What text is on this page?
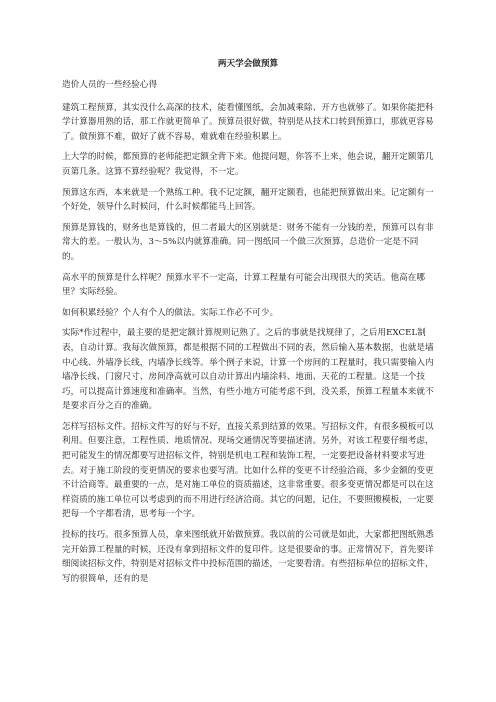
两天学会做预算

造价人员的一些经验心得

建筑工程预算，其实没什么高深的技术，能看懂图纸，会加减乘除、开方也就够了。如果你能把科学计算器用熟的话，那工作就更简单了。预算员很好做，特别是从技术口转到预算口，那就更容易了。做预算不难，做好了就不容易，难就难在经验积累上。

上大学的时候，都预算的老师能把定额全背下来。他提问题，你答不上来，他会说，翻开定额第几页第几条。这算不算经验呢？我觉得，不一定。

预算这东西，本来就是一个熟练工种。我不记定额，翻开定额看，也能把预算做出来。记定额有一个好处，领导什么时候问，什么时候都能马上回答。

预算是算钱的，财务也是算钱的，但二者最大的区别就是：财务不能有一分钱的差，预算可以有非常大的差。一般认为，3～5%以内就算准确。同一图纸同一个做三次预算，总造价一定是不同的。

高水平的预算是什么样呢？预算水平不一定高，计算工程量有可能会出现很大的笑话。他高在哪里？实际经验。

如何积累经验？个人有个人的做法。实际工作必不可少。

实际*作过程中，最主要的是把定额计算规则记熟了。之后的事就是找规律了，之后用EXCEL制表，自动计算。我每次做预算，都是根据不同的工程做出不同的表，然后输入基本数据，也就是墙中心线、外墙净长线，内墙净长线等。举个例子来说，计算一个房间的工程量时，我只需要输入内墙净长线、门窗尺寸、房间净高就可以自动计算出内墙涂料、地面、天花的工程量。这是一个技巧，可以提高计算速度和准确率。当然，有些小地方可能考虑不到，没关系，预算工程量本来就不是要求百分之百的准确。

怎样写招标文件。招标文件写的好与不好，直接关系到结算的效果。写招标文件，有很多模板可以利用。但要注意，工程性质、地质情况、现场交通情况等要描述清。另外，对该工程要仔细考虑，把可能发生的情况都要写进招标文件，特别是机电工程和装饰工程，一定要把设备材料要求写进去。对于施工阶段的变更情况的要求也要写清。比如什么样的变更不计经验洽商，多少金额的变更不计洽商等。最重要的一点，是对施工单位的资质描述，这非常重要。很多变更情况都是可以在这样资质的施工单位可以考虑到的而不用进行经济洽商。其它的问题，记住，不要照搬模板，一定要把每一个字都看清，思考每一个字。

投标的技巧。很多预算人员，拿来图纸就开始做预算。我以前的公司就是如此，大家都把图纸熟悉完开始算工程量的时候，还没有拿到招标文件的复印件。这是很要命的事。正常情况下，首先要详细阅读招标文件，特别是对招标文件中投标范围的描述，一定要看清。有些招标单位的招标文件，写的很简单，还有的是
